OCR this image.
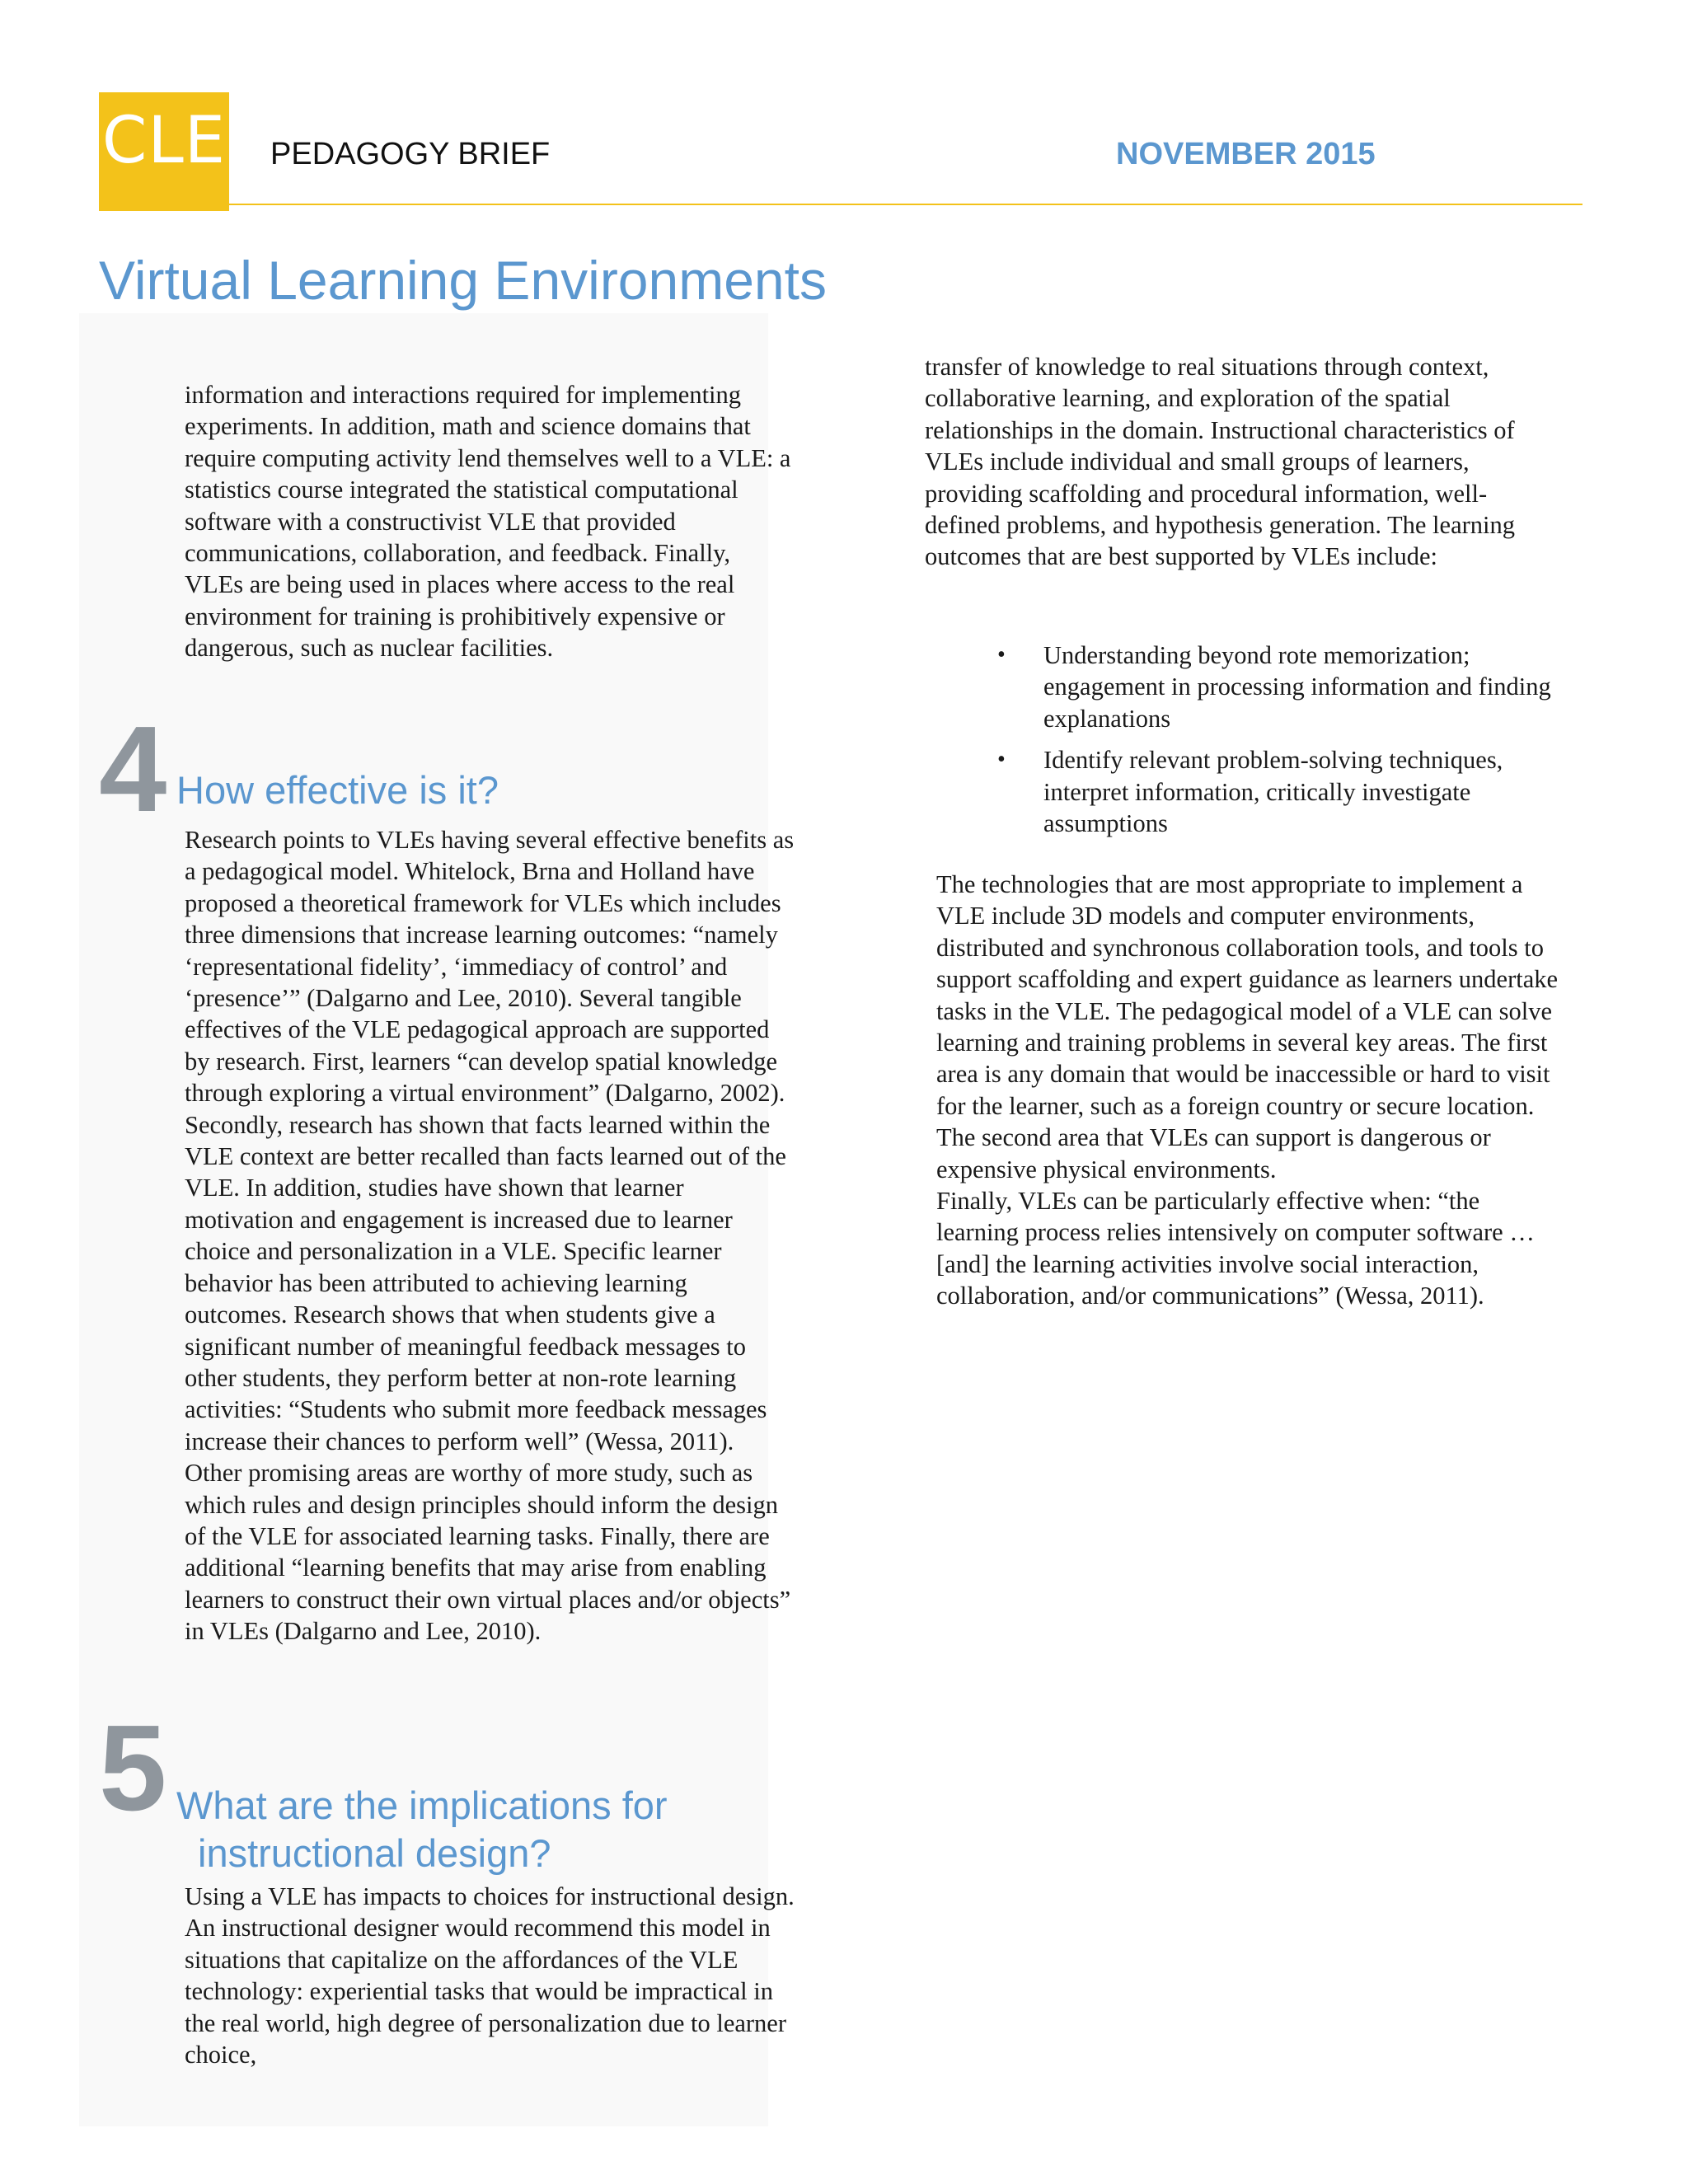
CLE PEDAGOGY BRIEF	NOVEMBER 2015
Virtual Learning Environments

information and interactions required for implementing experiments. In addition, math and science domains that require computing activity lend themselves well to a VLE: a statistics course integrated the statistical computational software with a constructivist VLE that provided communications, collaboration, and feedback. Finally, VLEs are being used in places where access to the real environment for training is prohibitively expensive or dangerous, such as nuclear facilities.

4 How effective is it?

Research points to VLEs having several effective benefits as a pedagogical model. Whitelock, Brna and Holland have proposed a theoretical framework for VLEs which includes three dimensions that increase learning outcomes: “namely ‘representational fidelity’, ‘immediacy of control’ and ‘presence’” (Dalgarno and Lee, 2010). Several tangible effectives of the VLE pedagogical approach are supported by research. First, learners “can develop spatial knowledge through exploring a virtual environment” (Dalgarno, 2002). Secondly, research has shown that facts learned within the VLE context are better recalled than facts learned out of the VLE. In addition, studies have shown that learner motivation and engagement is increased due to learner choice and personalization in a VLE. Specific learner behavior has been attributed to achieving learning outcomes. Research shows that when students give a significant number of meaningful feedback messages to other students, they perform better at non-rote learning activities: “Students who submit more feedback messages increase their chances to perform well” (Wessa, 2011). Other promising areas are worthy of more study, such as which rules and design principles should inform the design of the VLE for associated learning tasks. Finally, there are additional “learning benefits that may arise from enabling learners to construct their own virtual places and/or objects” in VLEs (Dalgarno and Lee, 2010).

5 What are the implications for
instructional design?

Using a VLE has impacts to choices for instructional design. An instructional designer would recommend this model in situations that capitalize on the affordances of the VLE technology: experiential tasks that would be impractical in the real world, high degree of personalization due to learner choice,

transfer of knowledge to real situations through context, collaborative learning, and exploration of the spatial relationships in the domain. Instructional characteristics of VLEs include individual and small groups of learners, providing scaffolding and procedural information, well-defined problems, and hypothesis generation. The learning outcomes that are best supported by VLEs include:

• Understanding beyond rote memorization; engagement in processing information and finding explanations
• Identify relevant problem-solving techniques, interpret information, critically investigate assumptions

The technologies that are most appropriate to implement a VLE include 3D models and computer environments, distributed and synchronous collaboration tools, and tools to support scaffolding and expert guidance as learners undertake tasks in the VLE. The pedagogical model of a VLE can solve learning and training problems in several key areas. The first area is any domain that would be inaccessible or hard to visit for the learner, such as a foreign country or secure location. The second area that VLEs can support is dangerous or expensive physical environments.

Finally, VLEs can be particularly effective when: “the learning process relies intensively on computer software … [and] the learning activities involve social interaction, collaboration, and/or communications” (Wessa, 2011).
